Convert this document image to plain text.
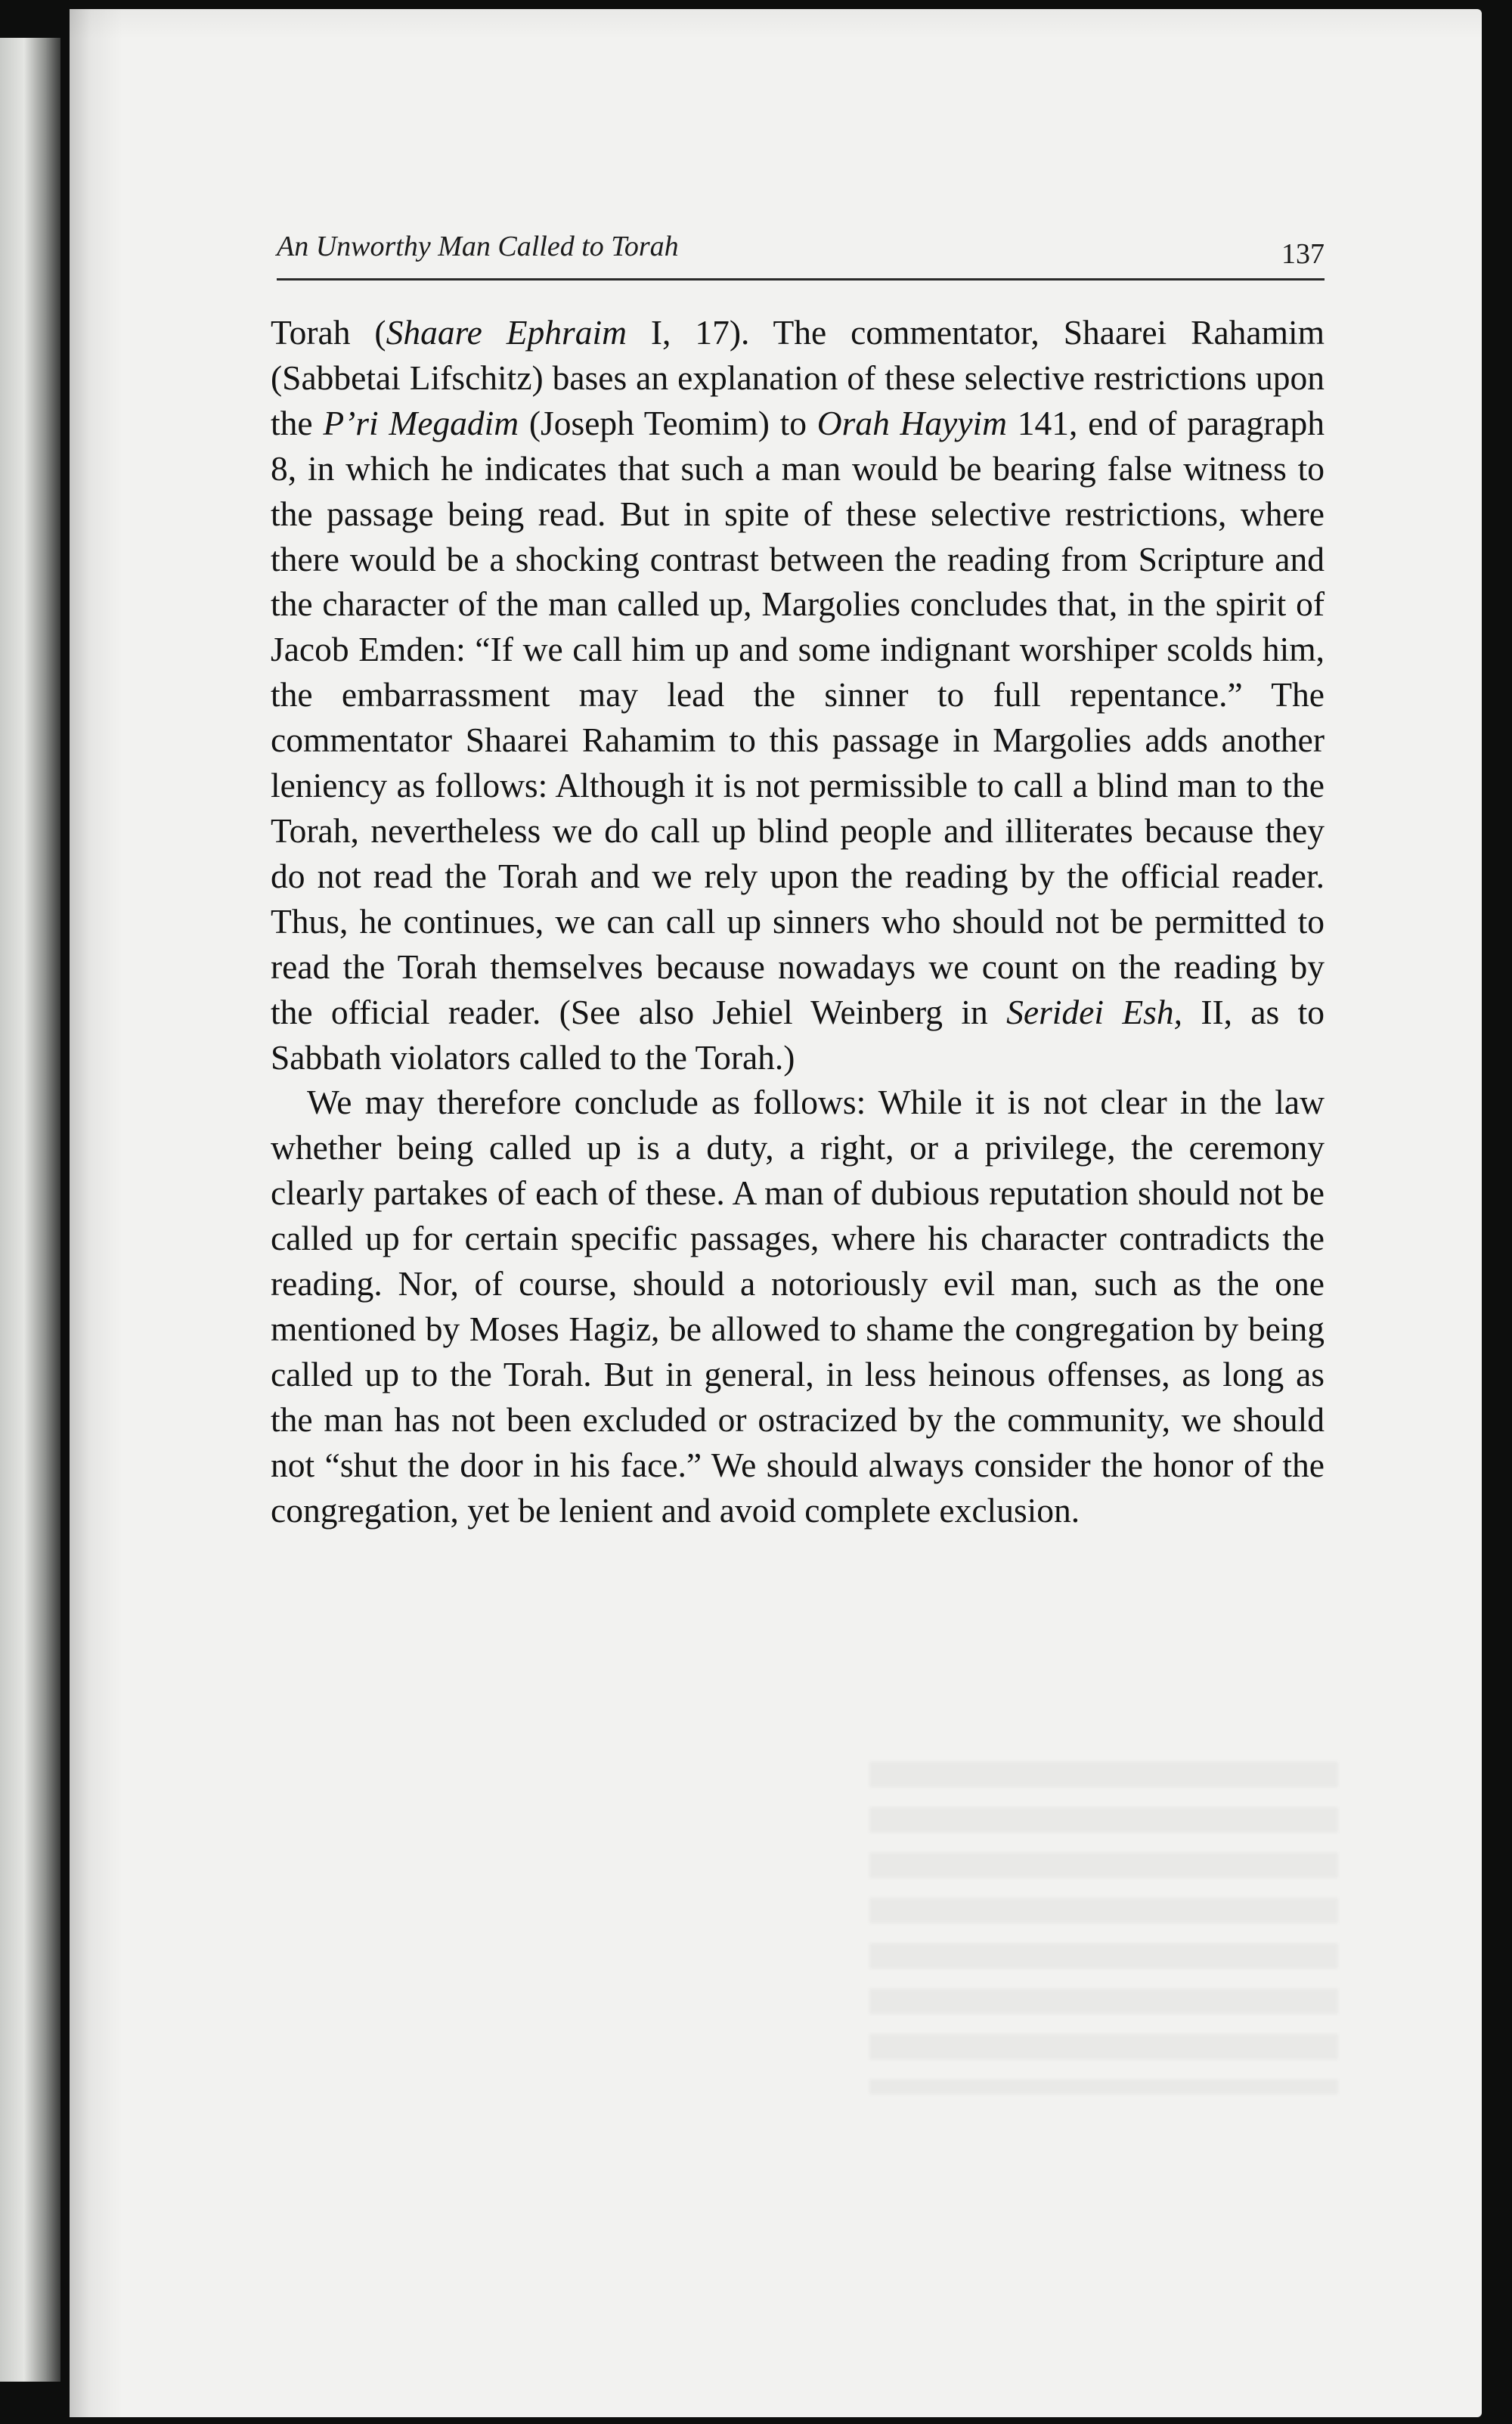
An Unworthy Man Called to Torah	137

Torah (Shaare Ephraim I, 17). The commentator, Shaarei Rahamim (Sabbetai Lifschitz) bases an explanation of these selective restrictions upon the P’ri Megadim (Joseph Teomim) to Orah Hayyim 141, end of paragraph 8, in which he indicates that such a man would be bearing false witness to the passage being read. But in spite of these selective restrictions, where there would be a shocking contrast between the reading from Scripture and the character of the man called up, Margolies concludes that, in the spirit of Jacob Emden: “If we call him up and some indignant worshiper scolds him, the embarrassment may lead the sinner to full repentance.” The commentator Shaarei Rahamim to this passage in Margolies adds another leniency as follows: Although it is not permissible to call a blind man to the Torah, nevertheless we do call up blind people and illiterates because they do not read the Torah and we rely upon the reading by the official reader. Thus, he continues, we can call up sinners who should not be permitted to read the Torah themselves because nowadays we count on the reading by the official reader. (See also Jehiel Weinberg in Seridei Esh, II, as to Sabbath violators called to the Torah.)

We may therefore conclude as follows: While it is not clear in the law whether being called up is a duty, a right, or a privilege, the ceremony clearly partakes of each of these. A man of dubious reputation should not be called up for certain specific passages, where his character contradicts the reading. Nor, of course, should a notoriously evil man, such as the one mentioned by Moses Hagiz, be allowed to shame the congregation by being called up to the Torah. But in general, in less heinous offenses, as long as the man has not been excluded or ostracized by the community, we should not “shut the door in his face.” We should always consider the honor of the congregation, yet be lenient and avoid complete exclusion.
